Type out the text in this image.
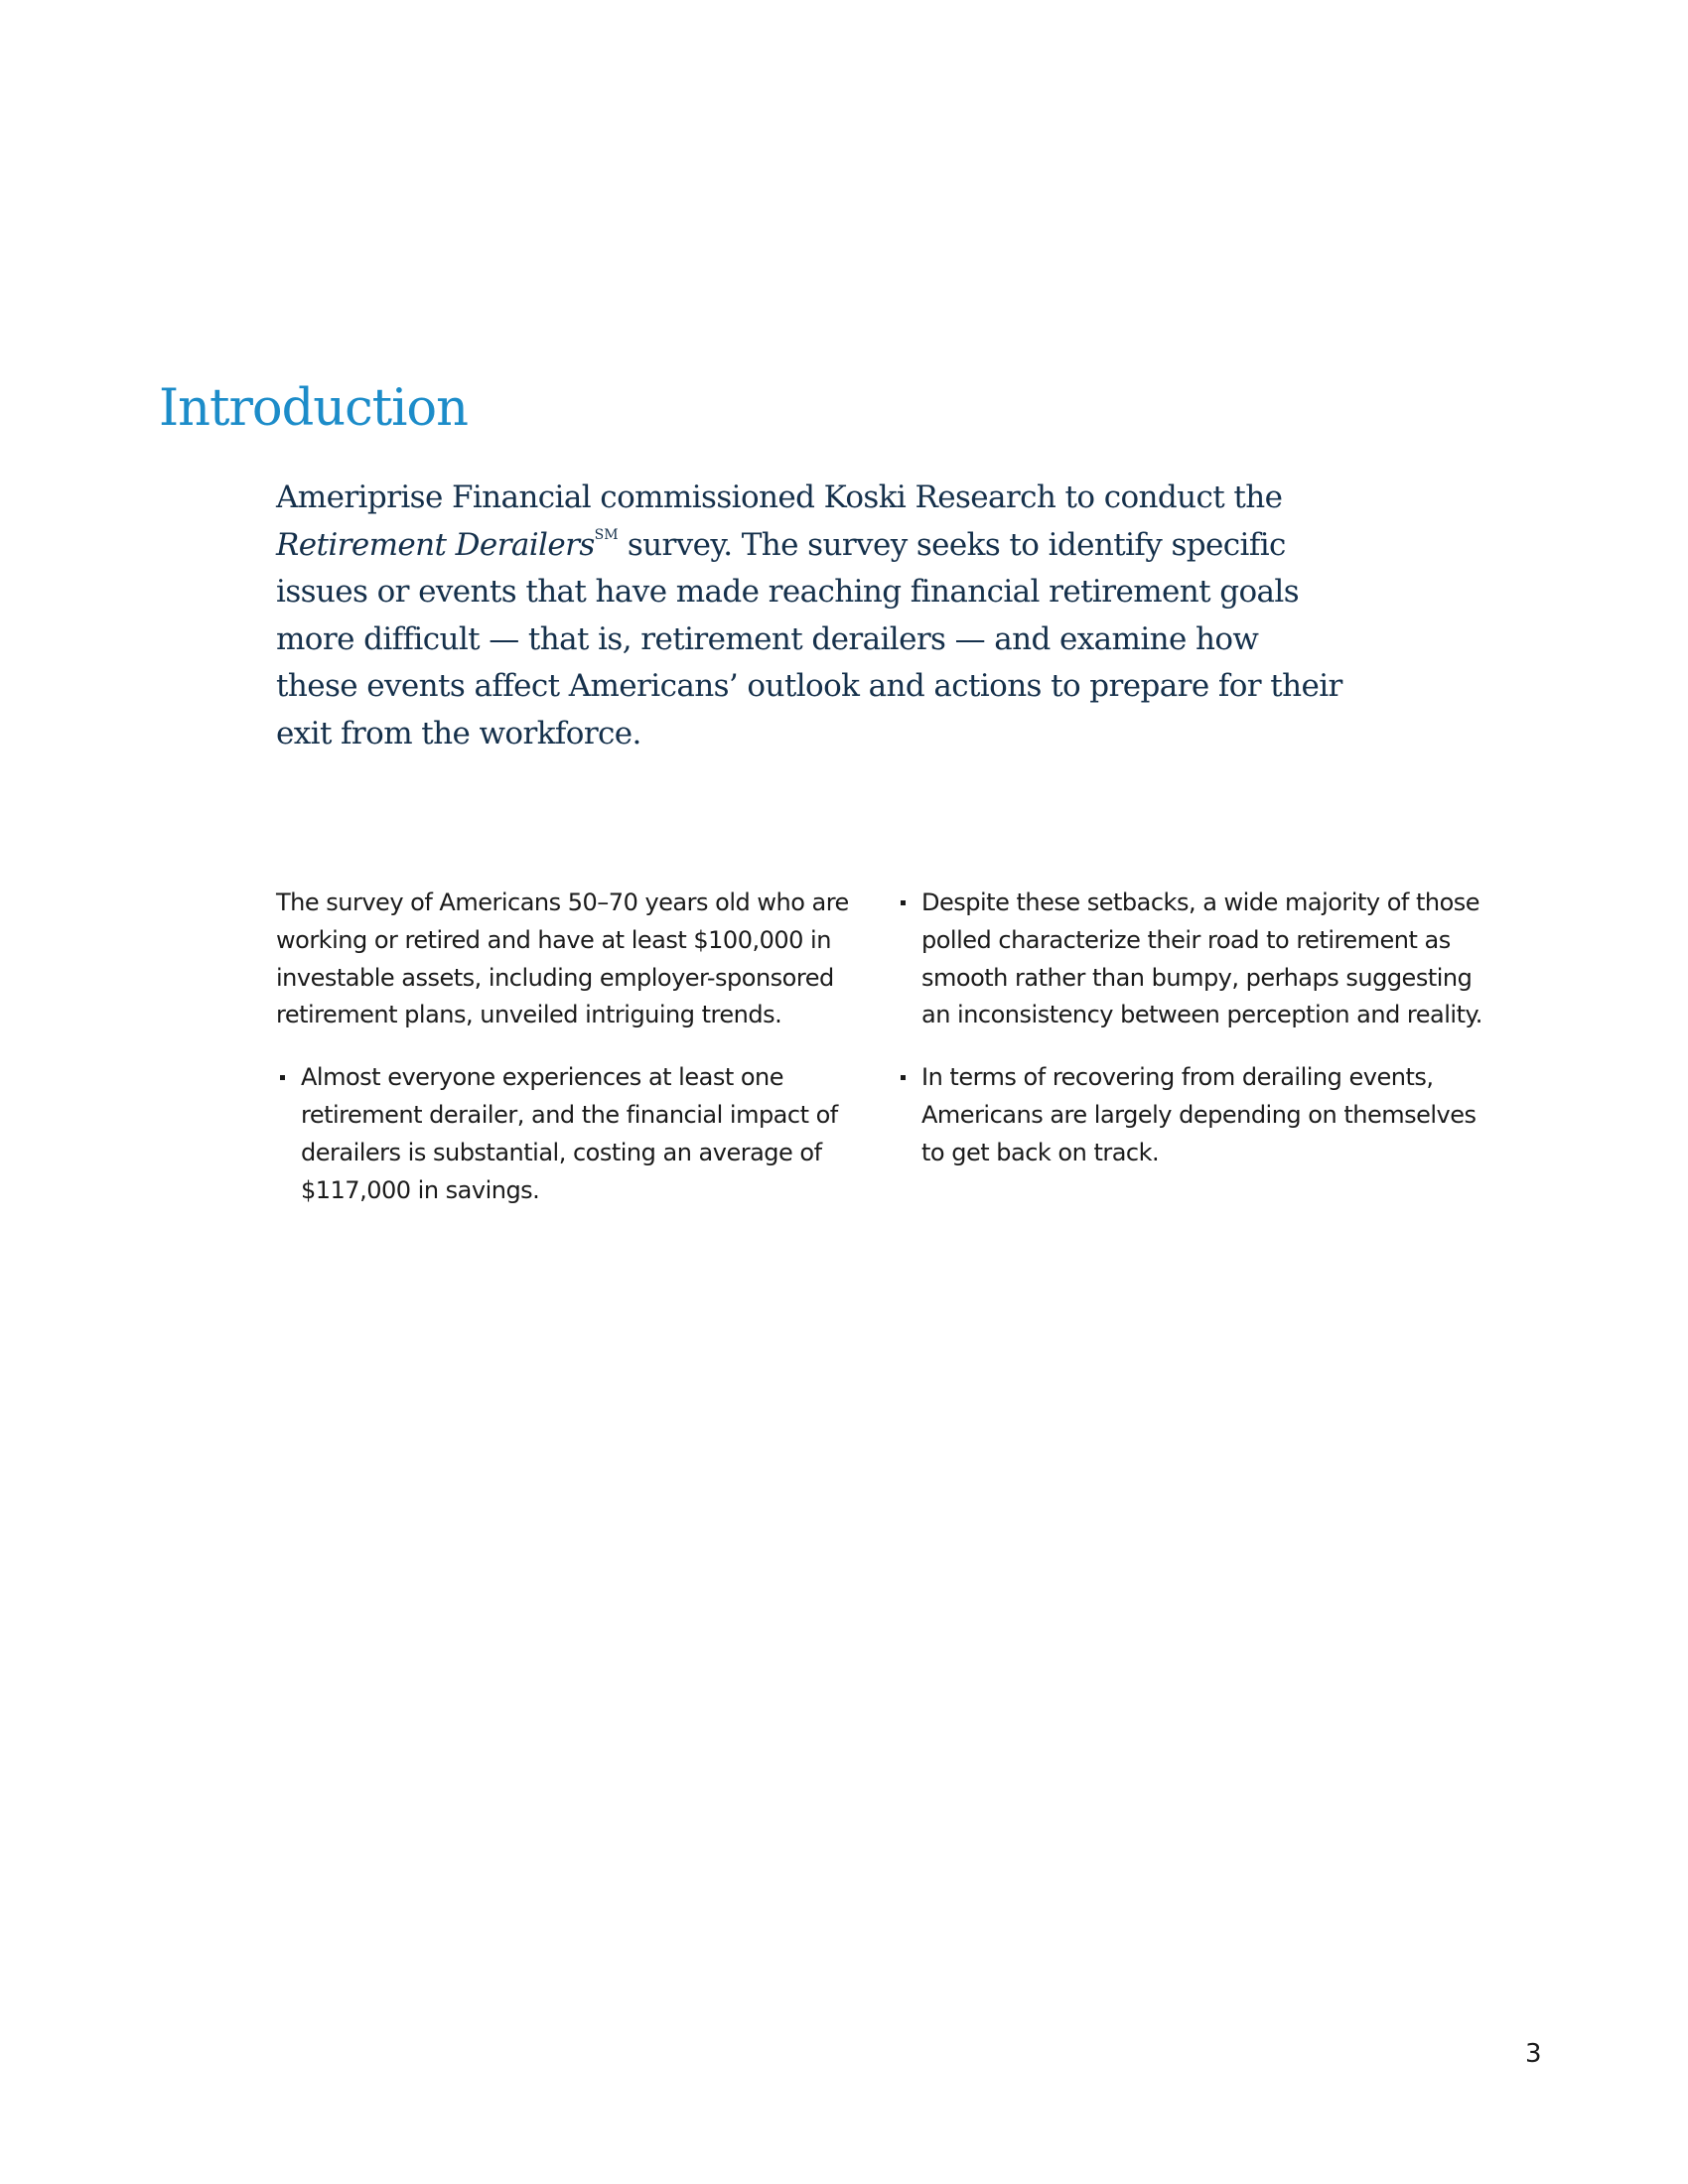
Introduction

Ameriprise Financial commissioned Koski Research to conduct the Retirement Derailers℠ survey. The survey seeks to identify specific issues or events that have made reaching financial retirement goals more difficult — that is, retirement derailers — and examine how these events affect Americans’ outlook and actions to prepare for their exit from the workforce.

The survey of Americans 50–70 years old who are working or retired and have at least $100,000 in investable assets, including employer-sponsored retirement plans, unveiled intriguing trends.

Almost everyone experiences at least one retirement derailer, and the financial impact of derailers is substantial, costing an average of $117,000 in savings.
Despite these setbacks, a wide majority of those polled characterize their road to retirement as smooth rather than bumpy, perhaps suggesting an inconsistency between perception and reality.
In terms of recovering from derailing events, Americans are largely depending on themselves to get back on track.
3
